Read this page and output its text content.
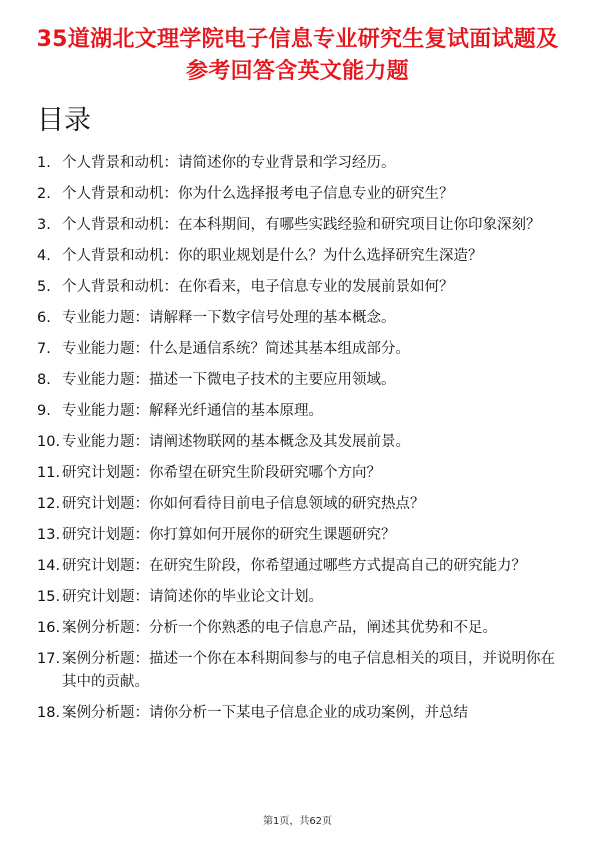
35道湖北文理学院电子信息专业研究生复试面试题及参考回答含英文能力题
目录
1. 个人背景和动机：请简述你的专业背景和学习经历。
2. 个人背景和动机：你为什么选择报考电子信息专业的研究生？
3. 个人背景和动机：在本科期间，有哪些实践经验和研究项目让你印象深刻？
4. 个人背景和动机：你的职业规划是什么？为什么选择研究生深造？
5. 个人背景和动机：在你看来，电子信息专业的发展前景如何？
6. 专业能力题：请解释一下数字信号处理的基本概念。
7. 专业能力题：什么是通信系统？简述其基本组成部分。
8. 专业能力题：描述一下微电子技术的主要应用领域。
9. 专业能力题：解释光纤通信的基本原理。
10. 专业能力题：请阐述物联网的基本概念及其发展前景。
11. 研究计划题：你希望在研究生阶段研究哪个方向？
12. 研究计划题：你如何看待目前电子信息领域的研究热点？
13. 研究计划题：你打算如何开展你的研究生课题研究？
14. 研究计划题：在研究生阶段，你希望通过哪些方式提高自己的研究能力？
15. 研究计划题：请简述你的毕业论文计划。
16. 案例分析题：分析一个你熟悉的电子信息产品，阐述其优势和不足。
17. 案例分析题：描述一个你在本科期间参与的电子信息相关的项目，并说明你在其中的贡献。
18. 案例分析题：请你分析一下某电子信息企业的成功案例，并总结
第1页，共62页
